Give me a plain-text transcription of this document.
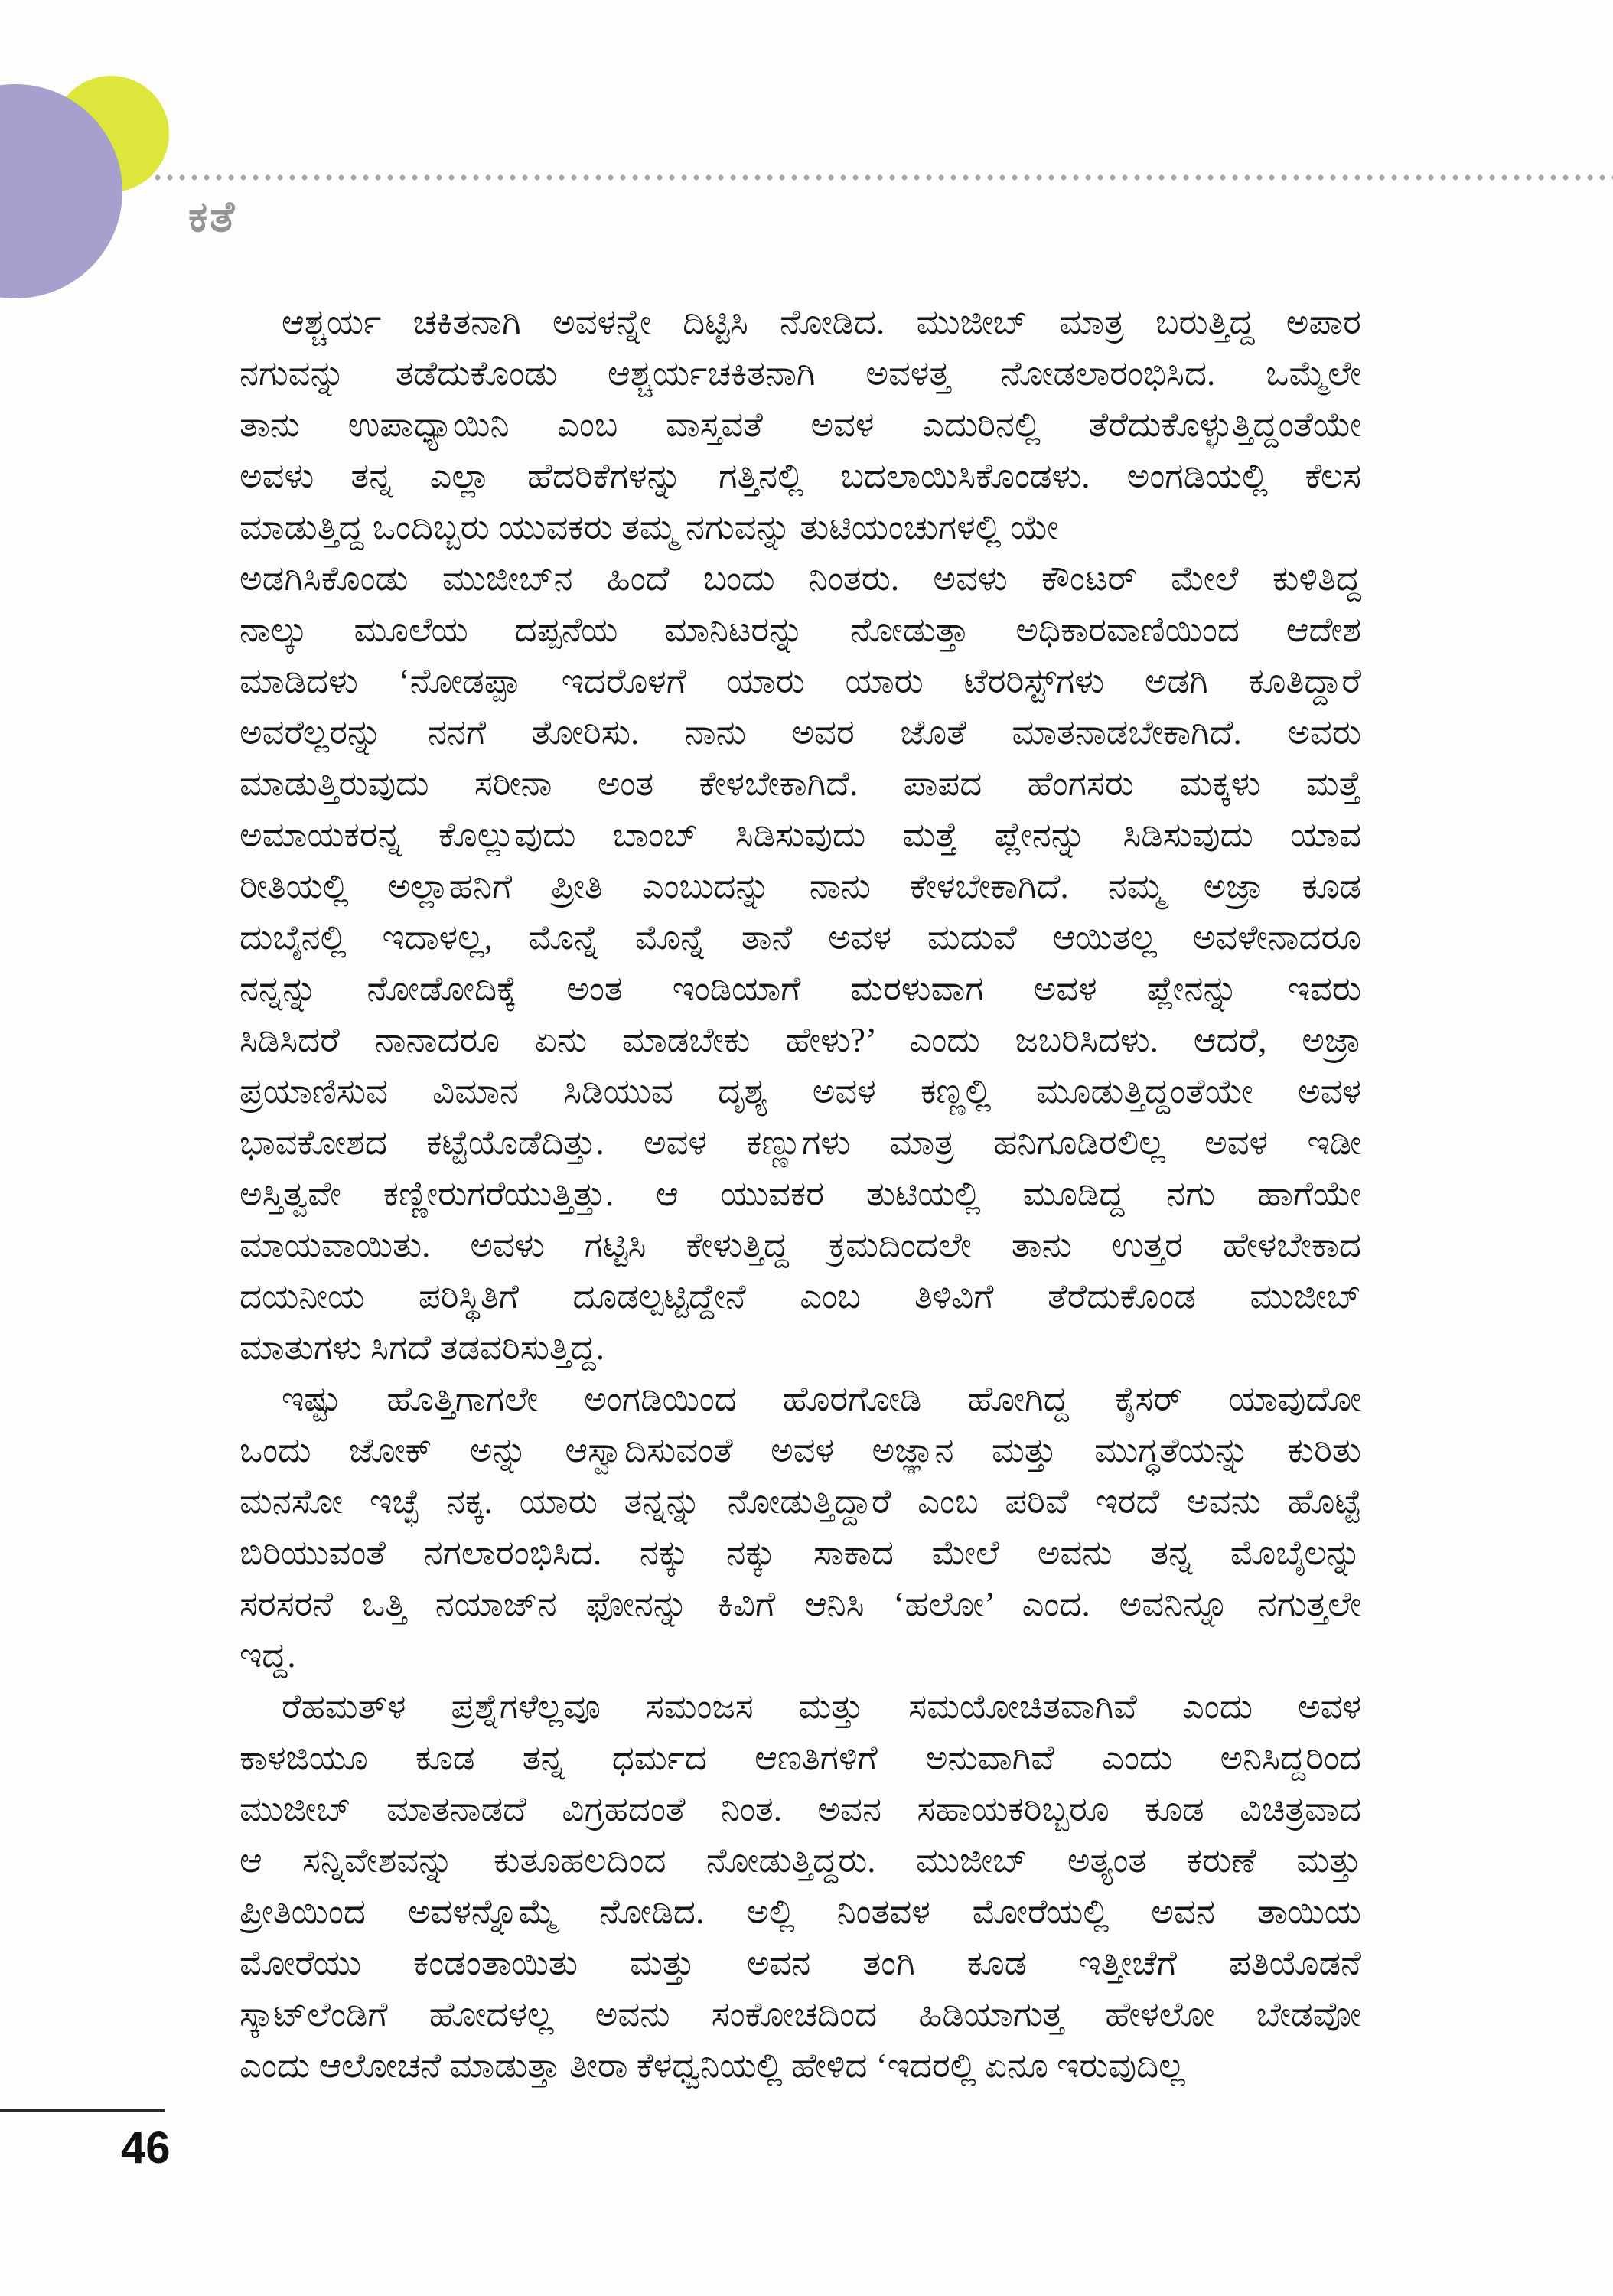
ಕತೆ
ಆಶ್ಚರ್ಯ ಚಕಿತನಾಗಿ ಅವಳನ್ನೇ ದಿಟ್ಟಿಸಿ ನೋಡಿದ. ಮುಜೀಬ್ ಮಾತ್ರ ಬರುತ್ತಿದ್ದ ಅಪಾರ
ನಗುವನ್ನು ತಡೆದುಕೊಂಡು ಆಶ್ಚರ್ಯಚಕಿತನಾಗಿ ಅವಳತ್ತ ನೋಡಲಾರಂಭಿಸಿದ. ಒಮ್ಮೆಲೇ
ತಾನು ಉಪಾಧ್ಯಾಯಿನಿ ಎಂಬ ವಾಸ್ತವತೆ ಅವಳ ಎದುರಿನಲ್ಲಿ ತೆರೆದುಕೊಳ್ಳುತ್ತಿದ್ದಂತೆಯೇ
ಅವಳು ತನ್ನ ಎಲ್ಲಾ ಹೆದರಿಕೆಗಳನ್ನು ಗತ್ತಿನಲ್ಲಿ ಬದಲಾಯಿಸಿಕೊಂಡಳು. ಅಂಗಡಿಯಲ್ಲಿ ಕೆಲಸ
ಮಾಡುತ್ತಿದ್ದ ಒಂದಿಬ್ಬರು ಯುವಕರು ತಮ್ಮ ನಗುವನ್ನು ತುಟಿಯಂಚುಗಳಲ್ಲಿ ಯೇ
ಅಡಗಿಸಿಕೊಂಡು ಮುಜೀಬ್‌ನ ಹಿಂದೆ ಬಂದು ನಿಂತರು. ಅವಳು ಕೌಂಟರ್ ಮೇಲೆ ಕುಳಿತಿದ್ದ
ನಾಲ್ಕು ಮೂಲೆಯ ದಪ್ಪನೆಯ ಮಾನಿಟರನ್ನು ನೋಡುತ್ತಾ ಅಧಿಕಾರವಾಣಿಯಿಂದ ಆದೇಶ
ಮಾಡಿದಳು ‘ನೋಡಪ್ಪಾ ಇದರೊಳಗೆ ಯಾರು ಯಾರು ಟೆರರಿಸ್ಟ್‌ಗಳು ಅಡಗಿ ಕೂತಿದ್ದಾರೆ
ಅವರೆಲ್ಲರನ್ನು ನನಗೆ ತೋರಿಸು. ನಾನು ಅವರ ಜೊತೆ ಮಾತನಾಡಬೇಕಾಗಿದೆ. ಅವರು
ಮಾಡುತ್ತಿರುವುದು ಸರೀನಾ ಅಂತ ಕೇಳಬೇಕಾಗಿದೆ. ಪಾಪದ ಹೆಂಗಸರು ಮಕ್ಕಳು ಮತ್ತೆ
ಅಮಾಯಕರನ್ನ ಕೊಲ್ಲುವುದು ಬಾಂಬ್ ಸಿಡಿಸುವುದು ಮತ್ತೆ ಪ್ಲೇನನ್ನು ಸಿಡಿಸುವುದು ಯಾವ
ರೀತಿಯಲ್ಲಿ ಅಲ್ಲಾಹನಿಗೆ ಪ್ರೀತಿ ಎಂಬುದನ್ನು ನಾನು ಕೇಳಬೇಕಾಗಿದೆ. ನಮ್ಮ ಅಜ್ರಾ ಕೂಡ
ದುಬೈನಲ್ಲಿ ಇದಾಳಲ್ಲ, ಮೊನ್ನೆ ಮೊನ್ನೆ ತಾನೆ ಅವಳ ಮದುವೆ ಆಯಿತಲ್ಲ ಅವಳೇನಾದರೂ
ನನ್ನನ್ನು ನೋಡೋದಿಕ್ಕೆ ಅಂತ ಇಂಡಿಯಾಗೆ ಮರಳುವಾಗ ಅವಳ ಪ್ಲೇನನ್ನು ಇವರು
ಸಿಡಿಸಿದರೆ ನಾನಾದರೂ ಏನು ಮಾಡಬೇಕು ಹೇಳು?’ ಎಂದು ಜಬರಿಸಿದಳು. ಆದರೆ, ಅಜ್ರಾ
ಪ್ರಯಾಣಿಸುವ ವಿಮಾನ ಸಿಡಿಯುವ ದೃಶ್ಯ ಅವಳ ಕಣ್ಣಲ್ಲಿ ಮೂಡುತ್ತಿದ್ದಂತೆಯೇ ಅವಳ
ಭಾವಕೋಶದ ಕಟ್ಟೆಯೊಡೆದಿತ್ತು. ಅವಳ ಕಣ್ಣುಗಳು ಮಾತ್ರ ಹನಿಗೂಡಿರಲಿಲ್ಲ ಅವಳ ಇಡೀ
ಅಸ್ತಿತ್ವವೇ ಕಣ್ಣೀರುಗರೆಯುತ್ತಿತ್ತು. ಆ ಯುವಕರ ತುಟಿಯಲ್ಲಿ ಮೂಡಿದ್ದ ನಗು ಹಾಗೆಯೇ
ಮಾಯವಾಯಿತು. ಅವಳು ಗಟ್ಟಿಸಿ ಕೇಳುತ್ತಿದ್ದ ಕ್ರಮದಿಂದಲೇ ತಾನು ಉತ್ತರ ಹೇಳಬೇಕಾದ
ದಯನೀಯ ಪರಿಸ್ಥಿತಿಗೆ ದೂಡಲ್ಪಟ್ಟಿದ್ದೇನೆ ಎಂಬ ತಿಳಿವಿಗೆ ತೆರೆದುಕೊಂಡ ಮುಜೀಬ್
ಮಾತುಗಳು ಸಿಗದೆ ತಡವರಿಸುತ್ತಿದ್ದ.
ಇಷ್ಟು ಹೊತ್ತಿಗಾಗಲೇ ಅಂಗಡಿಯಿಂದ ಹೊರಗೋಡಿ ಹೋಗಿದ್ದ ಕೈಸರ್ ಯಾವುದೋ
ಒಂದು ಜೋಕ್ ಅನ್ನು ಆಸ್ವಾದಿಸುವಂತೆ ಅವಳ ಅಜ್ಞಾನ ಮತ್ತು ಮುಗ್ಧತೆಯನ್ನು ಕುರಿತು
ಮನಸೋ ಇಚ್ಛೆ ನಕ್ಕ. ಯಾರು ತನ್ನನ್ನು ನೋಡುತ್ತಿದ್ದಾರೆ ಎಂಬ ಪರಿವೆ ಇರದೆ ಅವನು ಹೊಟ್ಟೆ
ಬಿರಿಯುವಂತೆ ನಗಲಾರಂಭಿಸಿದ. ನಕ್ಕು ನಕ್ಕು ಸಾಕಾದ ಮೇಲೆ ಅವನು ತನ್ನ ಮೊಬೈಲನ್ನು
ಸರಸರನೆ ಒತ್ತಿ ನಯಾಜ್‌ನ ಫೋನನ್ನು ಕಿವಿಗೆ ಆನಿಸಿ ‘ಹಲೋ’ ಎಂದ. ಅವನಿನ್ನೂ ನಗುತ್ತಲೇ
ಇದ್ದ.
ರೆಹಮತ್‌ಳ ಪ್ರಶ್ನೆಗಳೆಲ್ಲವೂ ಸಮಂಜಸ ಮತ್ತು ಸಮಯೋಚಿತವಾಗಿವೆ ಎಂದು ಅವಳ
ಕಾಳಜಿಯೂ ಕೂಡ ತನ್ನ ಧರ್ಮದ ಆಣತಿಗಳಿಗೆ ಅನುವಾಗಿವೆ ಎಂದು ಅನಿಸಿದ್ದರಿಂದ
ಮುಜೀಬ್ ಮಾತನಾಡದೆ ವಿಗ್ರಹದಂತೆ ನಿಂತ. ಅವನ ಸಹಾಯಕರಿಬ್ಬರೂ ಕೂಡ ವಿಚಿತ್ರವಾದ
ಆ ಸನ್ನಿವೇಶವನ್ನು ಕುತೂಹಲದಿಂದ ನೋಡುತ್ತಿದ್ದರು. ಮುಜೀಬ್ ಅತ್ಯಂತ ಕರುಣೆ ಮತ್ತು
ಪ್ರೀತಿಯಿಂದ ಅವಳನ್ನೊಮ್ಮೆ ನೋಡಿದ. ಅಲ್ಲಿ ನಿಂತವಳ ಮೋರೆಯಲ್ಲಿ ಅವನ ತಾಯಿಯ
ಮೋರೆಯು ಕಂಡಂತಾಯಿತು ಮತ್ತು ಅವನ ತಂಗಿ ಕೂಡ ಇತ್ತೀಚೆಗೆ ಪತಿಯೊಡನೆ
ಸ್ಕಾಟ್‌ಲೆಂಡಿಗೆ ಹೋದಳಲ್ಲ ಅವನು ಸಂಕೋಚದಿಂದ ಹಿಡಿಯಾಗುತ್ತ ಹೇಳಲೋ ಬೇಡವೋ
ಎಂದು ಆಲೋಚನೆ ಮಾಡುತ್ತಾ ತೀರಾ ಕೆಳಧ್ವನಿಯಲ್ಲಿ ಹೇಳಿದ ‘ಇದರಲ್ಲಿ ಏನೂ ಇರುವುದಿಲ್ಲ
46
